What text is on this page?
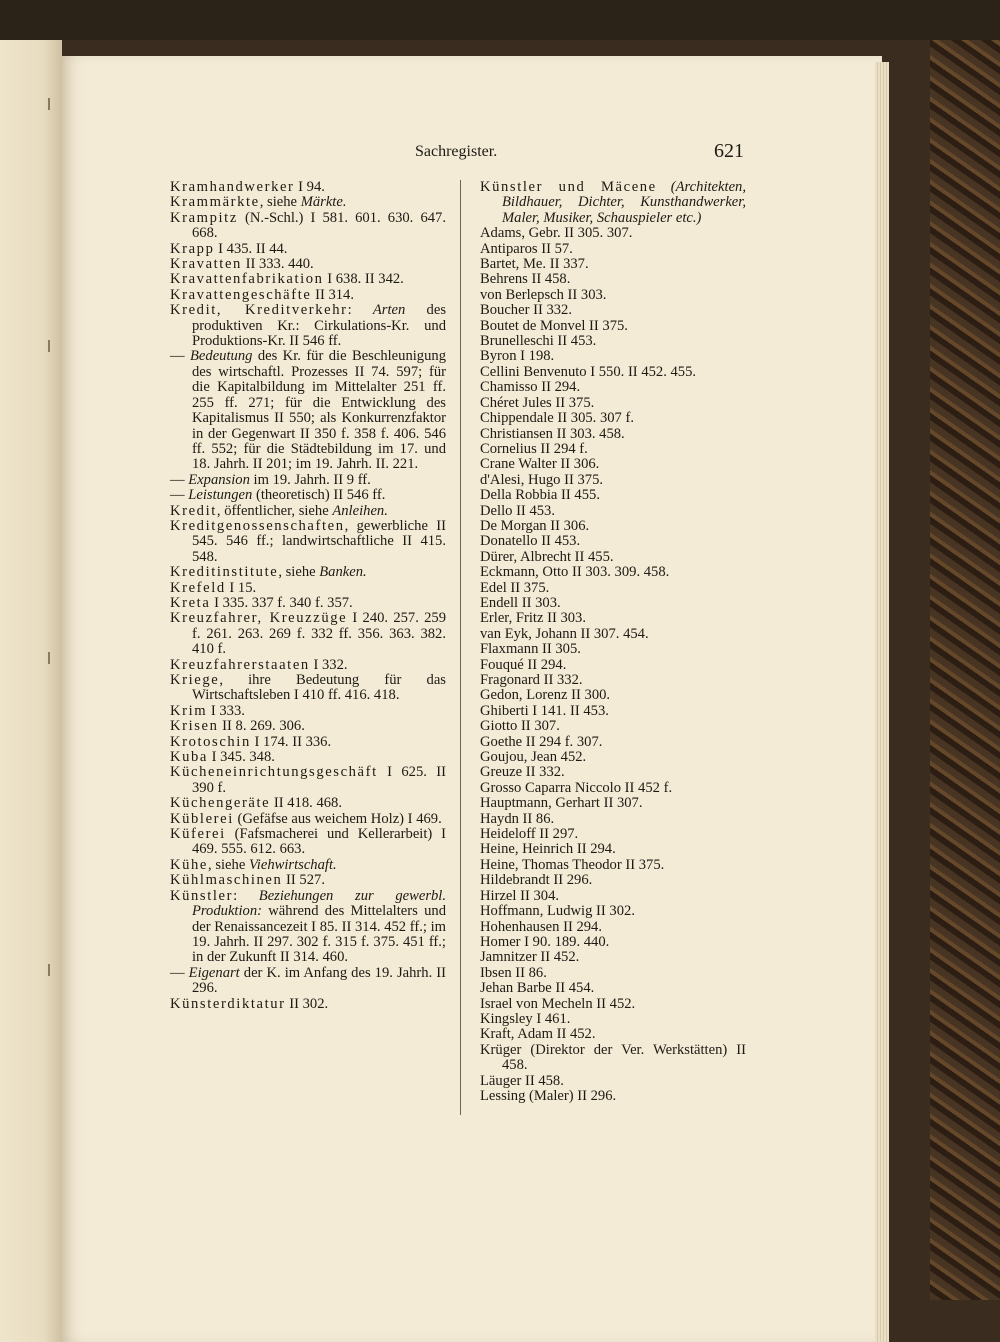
Sachregister.	621
Kramhandwerker I 94.
Krammärkte, siehe Märkte.
Krampitz (N.-Schl.) I 581. 601. 630. 647. 668.
Krapp I 435. II 44.
Kravatten II 333. 440.
Kravattenfabrikation I 638. II 342.
Kravattengeschäfte II 314.
Kredit, Kreditverkehr: Arten des produktiven Kr.: Cirkulations-Kr. und Produktions-Kr. II 546 ff.
— Bedeutung des Kr. für die Beschleunigung des wirtschaftl. Prozesses II 74. 597; für die Kapitalbildung im Mittelalter 251 ff. 255 ff. 271; für die Entwicklung des Kapitalismus II 550; als Konkurrenzfaktor in der Gegenwart II 350 f. 358 f. 406. 546 ff. 552; für die Städtebildung im 17. und 18. Jahrh. II 201; im 19. Jahrh. II. 221.
— Expansion im 19. Jahrh. II 9 ff.
— Leistungen (theoretisch) II 546 ff.
Kredit, öffentlicher, siehe Anleihen.
Kreditgenossenschaften, gewerbliche II 545. 546 ff.; landwirtschaftliche II 415. 548.
Kreditinstitute, siehe Banken.
Krefeld I 15.
Kreta I 335. 337 f. 340 f. 357.
Kreuzfahrer, Kreuzzüge I 240. 257. 259 f. 261. 263. 269 f. 332 ff. 356. 363. 382. 410 f.
Kreuzfahrerstaaten I 332.
Kriege, ihre Bedeutung für das Wirtschaftsleben I 410 ff. 416. 418.
Krim I 333.
Krisen II 8. 269. 306.
Krotoschin I 174. II 336.
Kuba I 345. 348.
Kücheneinrichtungsgeschäft I 625. II 390 f.
Küchengeräte II 418. 468.
Küblerei (Gefäfse aus weichem Holz) I 469.
Küferei (Fafsmacherei und Kellerarbeit) I 469. 555. 612. 663.
Kühe, siehe Viehwirtschaft.
Kühlmaschinen II 527.
Künstler: Beziehungen zur gewerbl. Produktion: während des Mittelalters und der Renaissancezeit I 85. II 314. 452 ff.; im 19. Jahrh. II 297. 302 f. 315 f. 375. 451 ff.; in der Zukunft II 314. 460.
— Eigenart der K. im Anfang des 19. Jahrh. II 296.
Künsterdiktatur II 302.
Künstler und Mäcene (Architekten, Bildhauer, Dichter, Kunsthandwerker, Maler, Musiker, Schauspieler etc.)
Adams, Gebr. II 305. 307.
Antiparos II 57.
Bartet, Me. II 337.
Behrens II 458.
von Berlepsch II 303.
Boucher II 332.
Boutet de Monvel II 375.
Brunelleschi II 453.
Byron I 198.
Cellini Benvenuto I 550. II 452. 455.
Chamisso II 294.
Chéret Jules II 375.
Chippendale II 305. 307 f.
Christiansen II 303. 458.
Cornelius II 294 f.
Crane Walter II 306.
d'Alesi, Hugo II 375.
Della Robbia II 455.
Dello II 453.
De Morgan II 306.
Donatello II 453.
Dürer, Albrecht II 455.
Eckmann, Otto II 303. 309. 458.
Edel II 375.
Endell II 303.
Erler, Fritz II 303.
van Eyk, Johann II 307. 454.
Flaxmann II 305.
Fouqué II 294.
Fragonard II 332.
Gedon, Lorenz II 300.
Ghiberti I 141. II 453.
Giotto II 307.
Goethe II 294 f. 307.
Goujou, Jean 452.
Greuze II 332.
Grosso Caparra Niccolo II 452 f.
Hauptmann, Gerhart II 307.
Haydn II 86.
Heideloff II 297.
Heine, Heinrich II 294.
Heine, Thomas Theodor II 375.
Hildebrandt II 296.
Hirzel II 304.
Hoffmann, Ludwig II 302.
Hohenhausen II 294.
Homer I 90. 189. 440.
Jamnitzer II 452.
Ibsen II 86.
Jehan Barbe II 454.
Israel von Mecheln II 452.
Kingsley I 461.
Kraft, Adam II 452.
Krüger (Direktor der Ver. Werkstätten) II 458.
Läuger II 458.
Lessing (Maler) II 296.
